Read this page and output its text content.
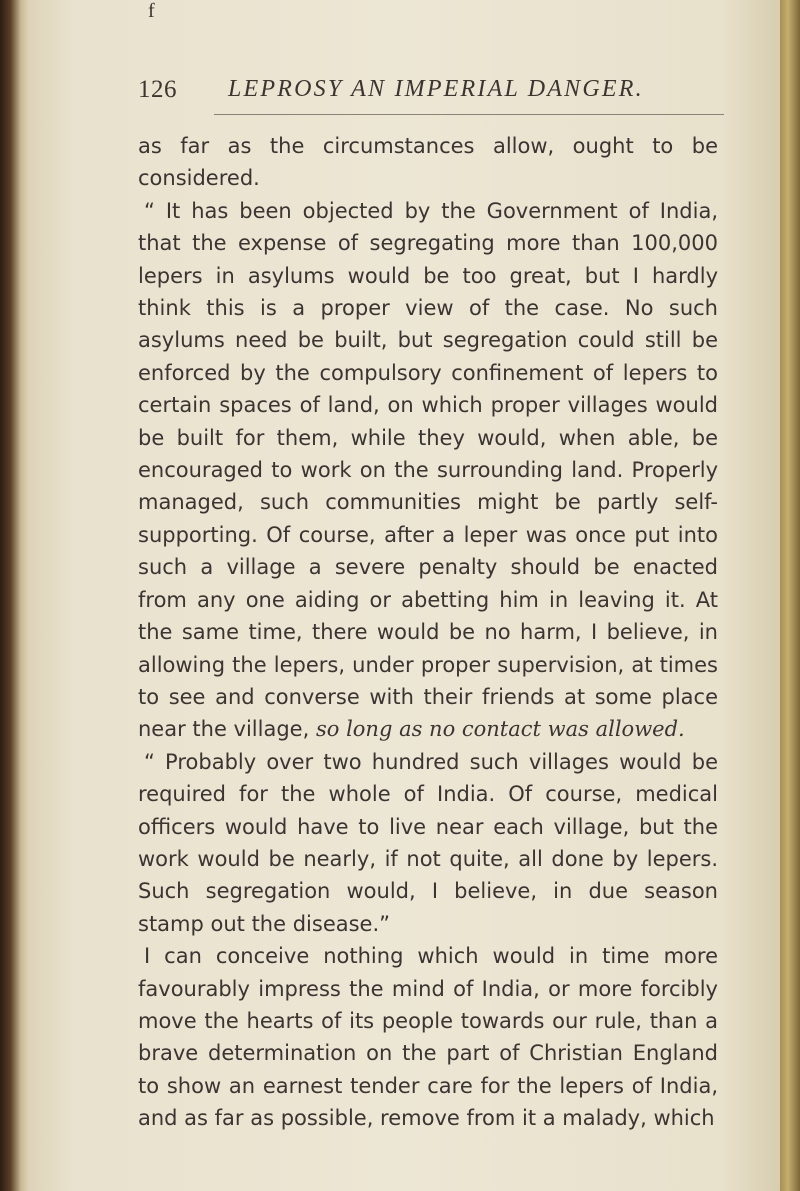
f
126 LEPROSY AN IMPERIAL DANGER.

as far as the circumstances allow, ought to be considered.

“ It has been objected by the Government of India, that the expense of segregating more than 100,000 lepers in asylums would be too great, but I hardly think this is a proper view of the case. No such asylums need be built, but segregation could still be enforced by the compulsory confinement of lepers to certain spaces of land, on which proper villages would be built for them, while they would, when able, be encouraged to work on the surrounding land. Properly managed, such communities might be partly self-supporting. Of course, after a leper was once put into such a village a severe penalty should be enacted from any one aiding or abetting him in leaving it. At the same time, there would be no harm, I believe, in allowing the lepers, under proper supervision, at times to see and converse with their friends at some place near the village, so long as no contact was allowed.

“ Probably over two hundred such villages would be required for the whole of India. Of course, medical officers would have to live near each village, but the work would be nearly, if not quite, all done by lepers. Such segregation would, I believe, in due season stamp out the disease.”

I can conceive nothing which would in time more favourably impress the mind of India, or more forcibly move the hearts of its people towards our rule, than a brave determination on the part of Christian England to show an earnest tender care for the lepers of India, and as far as possible, remove from it a malady, which
